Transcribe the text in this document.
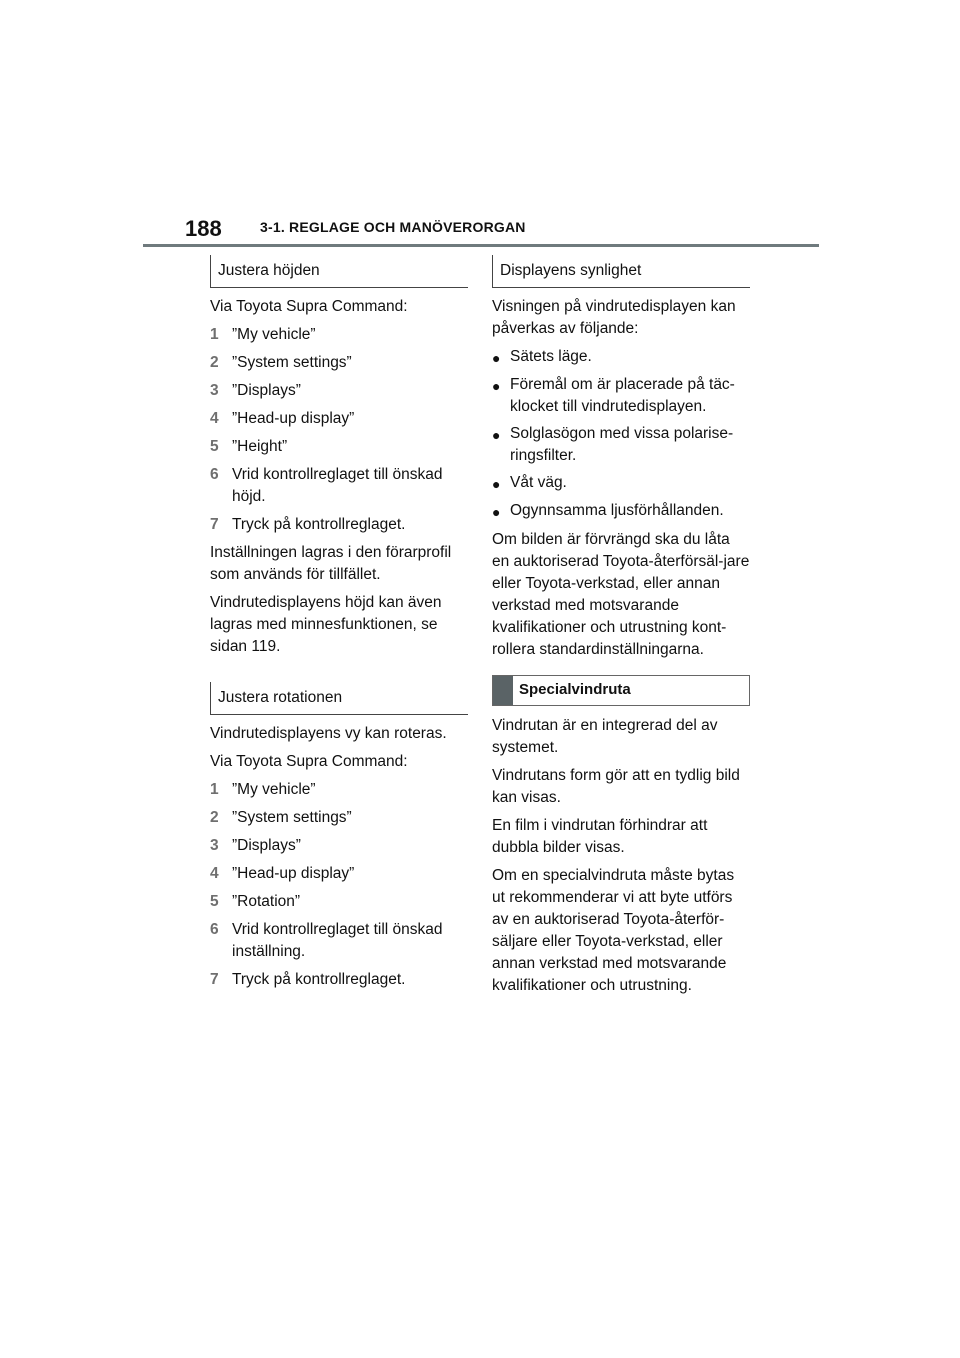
188	3-1. REGLAGE OCH MANÖVERORGAN
Justera höjden

Via Toyota Supra Command:

1 ”My vehicle”
2 ”System settings”
3 ”Displays”
4 ”Head-up display”
5 ”Height”
6 Vrid kontrollreglaget till önskad höjd.
7 Tryck på kontrollreglaget.

Inställningen lagras i den förarprofil som används för tillfället.

Vindrutedisplayens höjd kan även lagras med minnesfunktionen, se sidan 119.

Justera rotationen

Vindrutedisplayens vy kan roteras.

Via Toyota Supra Command:

1 ”My vehicle”
2 ”System settings”
3 ”Displays”
4 ”Head-up display”
5 ”Rotation”
6 Vrid kontrollreglaget till önskad inställning.
7 Tryck på kontrollreglaget.
Displayens synlighet

Visningen på vindrutedisplayen kan påverkas av följande:

● Sätets läge.
● Föremål om är placerade på täc-klocket till vindrutedisplayen.
● Solglasögon med vissa polarise-ringsfilter.
● Våt väg.
● Ogynnsamma ljusförhållanden.

Om bilden är förvrängd ska du låta en auktoriserad Toyota-återförsäl-jare eller Toyota-verkstad, eller annan verkstad med motsvarande kvalifikationer och utrustning kont-rollera standardinställningarna.

Specialvindruta

Vindrutan är en integrerad del av systemet.

Vindrutans form gör att en tydlig bild kan visas.

En film i vindrutan förhindrar att dubbla bilder visas.

Om en specialvindruta måste bytas ut rekommenderar vi att byte utförs av en auktoriserad Toyota-återför-säljare eller Toyota-verkstad, eller annan verkstad med motsvarande kvalifikationer och utrustning.
